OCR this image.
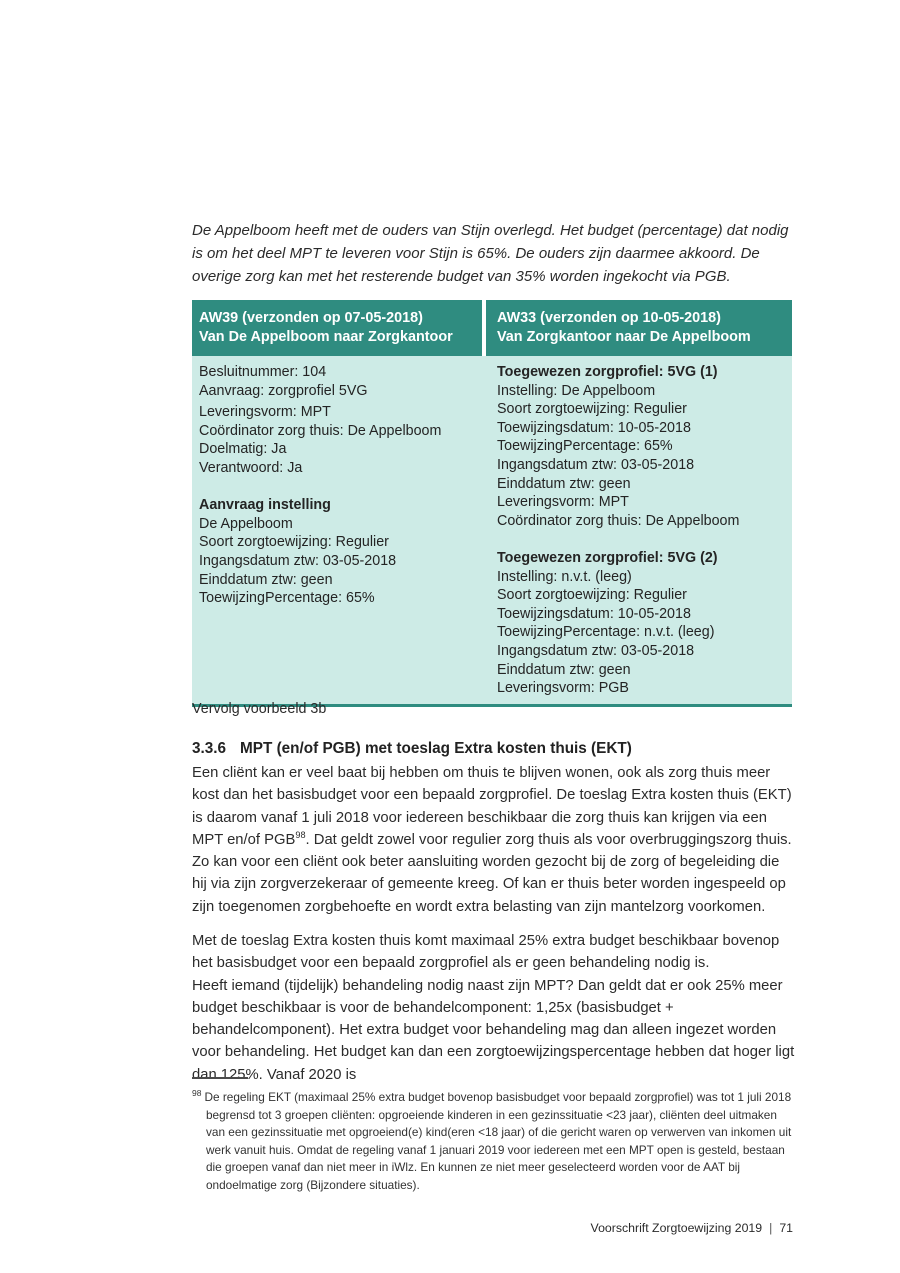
De Appelboom heeft met de ouders van Stijn overlegd. Het budget (percentage) dat nodig is om het deel MPT te leveren voor Stijn is 65%. De ouders zijn daarmee akkoord. De overige zorg kan met het resterende budget van 35% worden ingekocht via PGB.

AW39 (verzonden op 07-05-2018)
Van De Appelboom naar Zorgkantoor
AW33 (verzonden op 10-05-2018)
Van Zorgkantoor naar De Appelboom
Besluitnummer: 104
Aanvraag: zorgprofiel 5VG
Leveringsvorm: MPT
Coördinator zorg thuis: De Appelboom
Doelmatig: Ja
Verantwoord: Ja
Aanvraag instelling
De Appelboom
Soort zorgtoewijzing: Regulier
Ingangsdatum ztw: 03-05-2018
Einddatum ztw: geen
ToewijzingPercentage: 65%
Toegewezen zorgprofiel: 5VG (1)
Instelling: De Appelboom
Soort zorgtoewijzing: Regulier
Toewijzingsdatum: 10-05-2018
ToewijzingPercentage: 65%
Ingangsdatum ztw: 03-05-2018
Einddatum ztw: geen
Leveringsvorm: MPT
Coördinator zorg thuis: De Appelboom
Toegewezen zorgprofiel: 5VG (2)
Instelling: n.v.t. (leeg)
Soort zorgtoewijzing: Regulier
Toewijzingsdatum: 10-05-2018
ToewijzingPercentage: n.v.t. (leeg)
Ingangsdatum ztw: 03-05-2018
Einddatum ztw: geen
Leveringsvorm: PGB
Vervolg voorbeeld 3b
3.3.6 MPT (en/of PGB) met toeslag Extra kosten thuis (EKT)

Een cliënt kan er veel baat bij hebben om thuis te blijven wonen, ook als zorg thuis meer kost dan het basisbudget voor een bepaald zorgprofiel. De toeslag Extra kosten thuis (EKT) is daarom vanaf 1 juli 2018 voor iedereen beschikbaar die zorg thuis kan krijgen via een MPT en/of PGB$^{98}$. Dat geldt zowel voor regulier zorg thuis als voor overbruggingszorg thuis. Zo kan voor een cliënt ook beter aansluiting worden gezocht bij de zorg of begeleiding die hij via zijn zorgverzekeraar of gemeente kreeg. Of kan er thuis beter worden ingespeeld op zijn toegenomen zorgbehoefte en wordt extra belasting van zijn mantelzorg voorkomen.

Met de toeslag Extra kosten thuis komt maximaal 25% extra budget beschikbaar bovenop het basisbudget voor een bepaald zorgprofiel als er geen behandeling nodig is.
Heeft iemand (tijdelijk) behandeling nodig naast zijn MPT? Dan geldt dat er ook 25% meer budget beschikbaar is voor de behandelcomponent: 1,25x (basisbudget + behandelcomponent). Het extra budget voor behandeling mag dan alleen ingezet worden voor behandeling. Het budget kan dan een zorgtoewijzingspercentage hebben dat hoger ligt dan 125%. Vanaf 2020 is

$^{98}$ De regeling EKT (maximaal 25% extra budget bovenop basisbudget voor bepaald zorgprofiel) was tot 1 juli 2018 begrensd tot 3 groepen cliënten: opgroeiende kinderen in een gezinssituatie <23 jaar), cliënten deel uitmaken van een gezinssituatie met opgroeiend(e) kind(eren <18 jaar) of die gericht waren op verwerven van inkomen uit werk vanuit huis. Omdat de regeling vanaf 1 januari 2019 voor iedereen met een MPT open is gesteld, bestaan die groepen vanaf dan niet meer in iWlz. En kunnen ze niet meer geselecteerd worden voor de AAT bij ondoelmatige zorg (Bijzondere situaties).

Voorschrift Zorgtoewijzing 2019 | 71
